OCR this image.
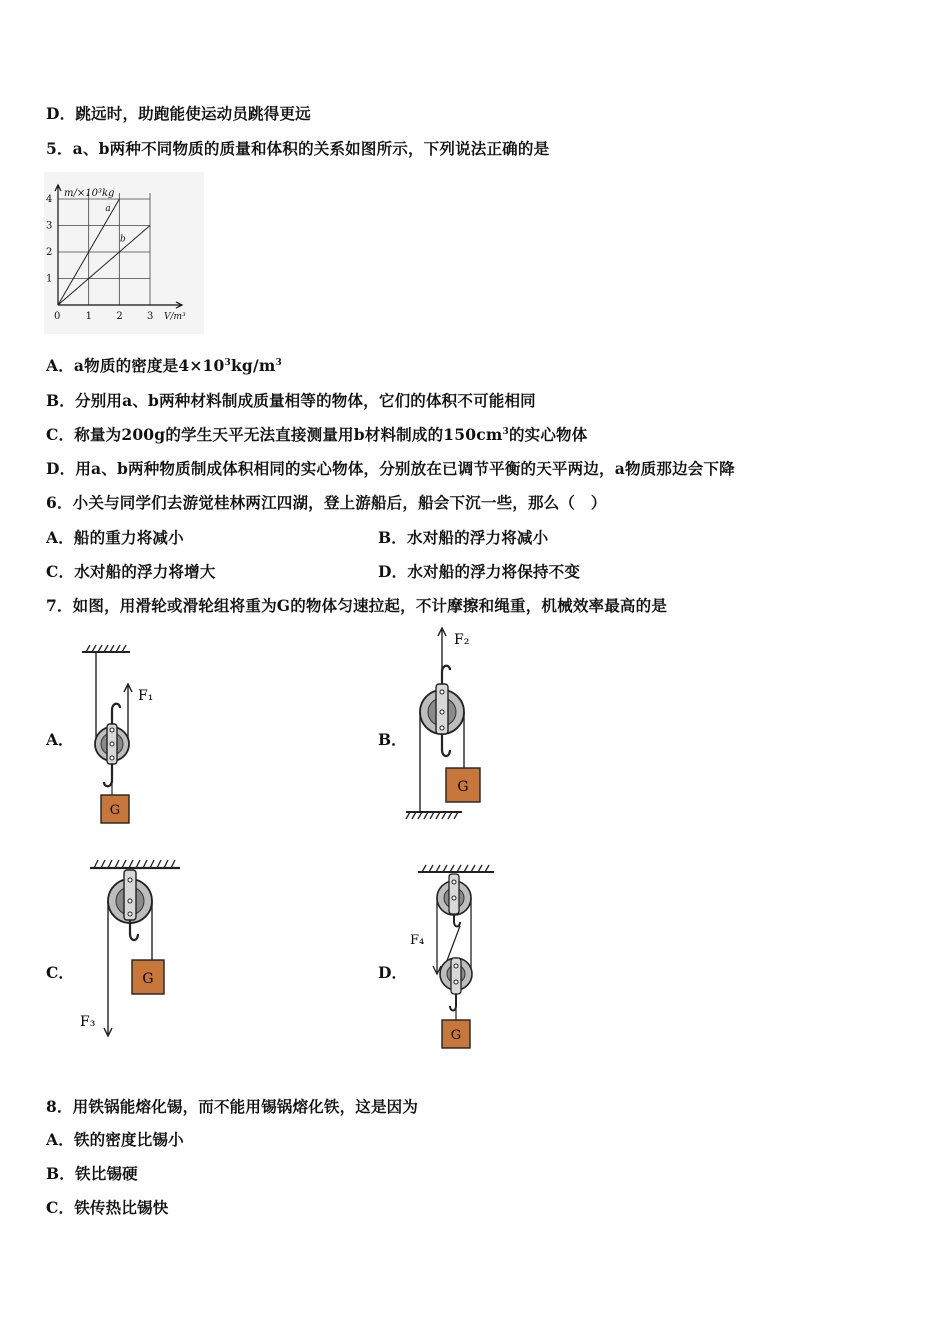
D．跳远时，助跑能使运动员跳得更远
5．a、b两种不同物质的质量和体积的关系如图所示，下列说法正确的是
a
b
0	1 2 3
1
2
3
4
m/×10³kg
V/m³
A．a物质的密度是$4\times 10^3kg/m^3$
B．分别用a、b两种材料制成质量相等的物体，它们的体积不可能相同
C．称量为200g的学生天平无法直接测量用b材料制成的$150cm^3$的实心物体
D．用a、b两种物质制成体积相同的实心物体，分别放在已调节平衡的天平两边，a物质那边会下降
6．小关与同学们去游觉桂林两江四湖，登上游船后，船会下沉一些，那么（　）
A．船的重力将减小	B．水对船的浮力将减小
C．水对船的浮力将增大	D．水对船的浮力将保持不变
7．如图，用滑轮或滑轮组将重为G的物体匀速拉起，不计摩擦和绳重，机械效率最高的是
A．	B．
C．	D．
F₁
G
F₂
G
F₃
G
F₄
G
8．用铁锅能熔化锡，而不能用锡锅熔化铁，这是因为
A．铁的密度比锡小
B．铁比锡硬
C．铁传热比锡快
